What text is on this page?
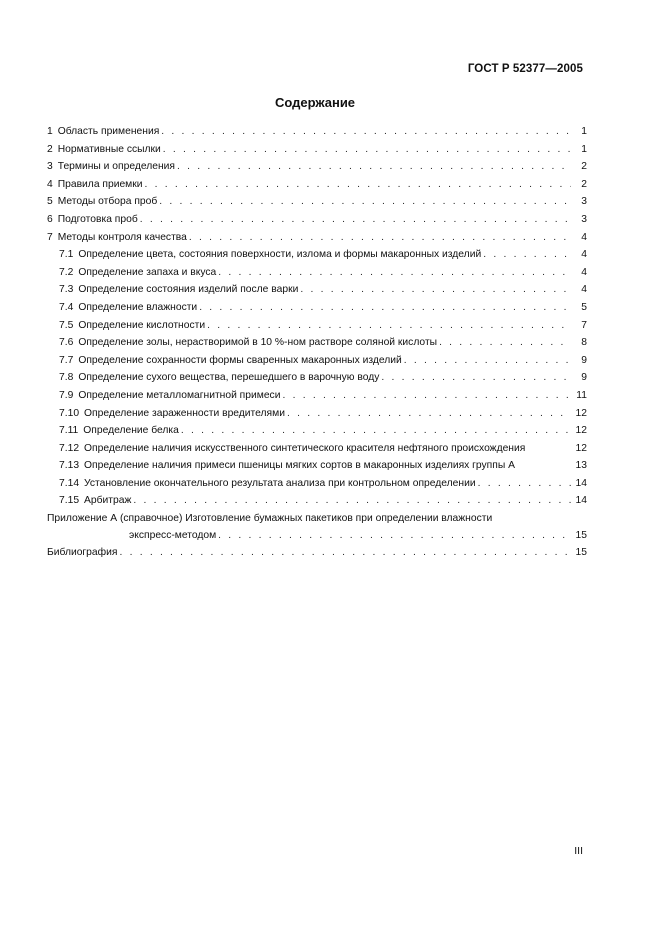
ГОСТ Р 52377—2005
Содержание
1 Область применения . . .	1
2 Нормативные ссылки . . .	1
3 Термины и определения . . .	2
4 Правила приемки . . .	2
5 Методы отбора проб . . .	3
6 Подготовка проб . . .	3
7 Методы контроля качества . . .	4
7.1 Определение цвета, состояния поверхности, излома и формы макаронных изделий . . .	4
7.2 Определение запаха и вкуса . . .	4
7.3 Определение состояния изделий после варки . . .	4
7.4 Определение влажности . . .	5
7.5 Определение кислотности . . .	7
7.6 Определение золы, нерастворимой в 10 %-ном растворе соляной кислоты . . .	8
7.7 Определение сохранности формы сваренных макаронных изделий . . .	9
7.8 Определение сухого вещества, перешедшего в варочную воду . . .	9
7.9 Определение металломагнитной примеси . . .	11
7.10 Определение зараженности вредителями . . .	12
7.11 Определение белка . . .	12
7.12 Определение наличия искусственного синтетического красителя нефтяного происхождения	12
7.13 Определение наличия примеси пшеницы мягких сортов в макаронных изделиях группы А	13
7.14 Установление окончательного результата анализа при контрольном определении . . .	14
7.15 Арбитраж . . .	14
Приложение А (справочное) Изготовление бумажных пакетиков при определении влажности
экспресс-методом . . .	15
Библиография . . .	15
III
